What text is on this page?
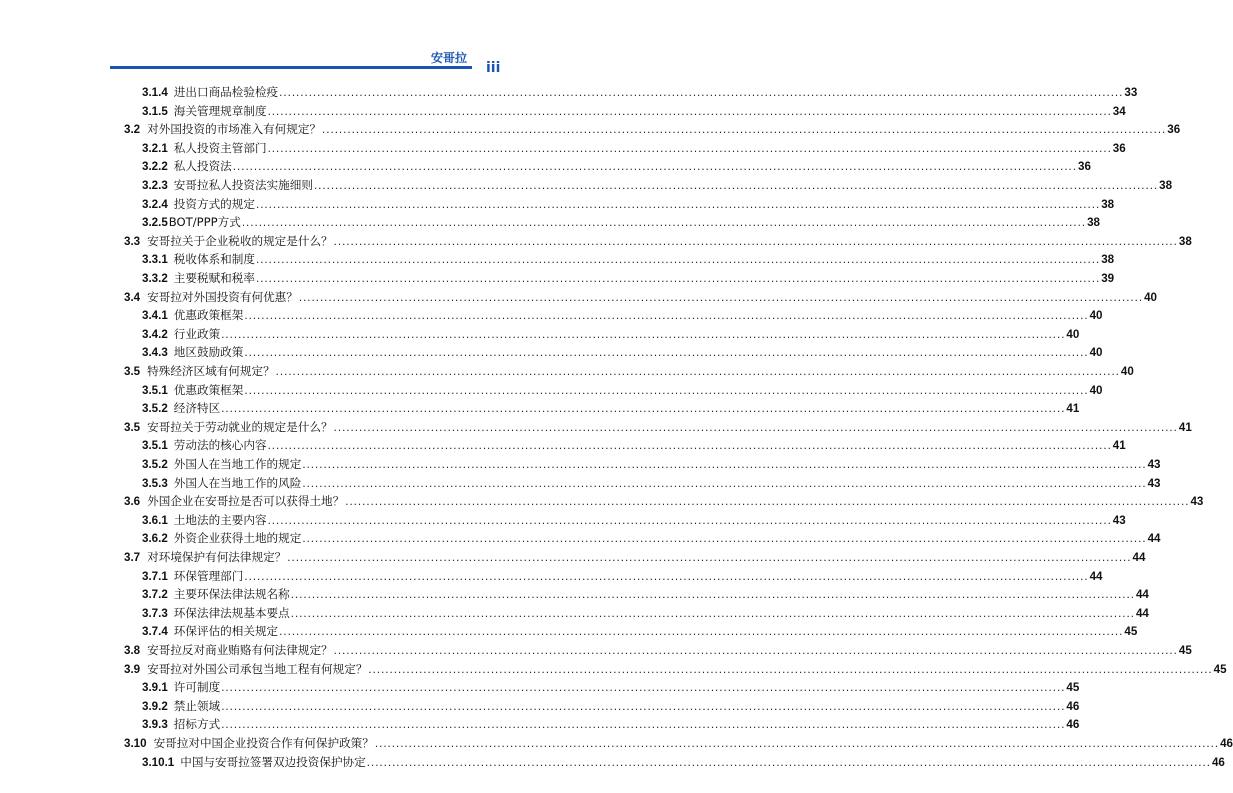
安哥拉
iii
3.1.4 进出口商品检验检疫 ........................................................................................................................................................................................................ 33
3.1.5 海关管理规章制度 ........................................................................................................................................................................................................ 34
3.2 对外国投资的市场准入有何规定？ ........................................................................................................................................................................................................ 36
3.2.1 私人投资主管部门 ........................................................................................................................................................................................................ 36
3.2.2 私人投资法 ........................................................................................................................................................................................................ 36
3.2.3 安哥拉私人投资法实施细则 ........................................................................................................................................................................................................ 38
3.2.4 投资方式的规定 ........................................................................................................................................................................................................ 38
3.2.5 BOT/PPP方式 ........................................................................................................................................................................................................ 38
3.3 安哥拉关于企业税收的规定是什么？ ........................................................................................................................................................................................................ 38
3.3.1 税收体系和制度 ........................................................................................................................................................................................................ 38
3.3.2 主要税赋和税率 ........................................................................................................................................................................................................ 39
3.4 安哥拉对外国投资有何优惠？ ........................................................................................................................................................................................................ 40
3.4.1 优惠政策框架 ........................................................................................................................................................................................................ 40
3.4.2 行业政策 ........................................................................................................................................................................................................ 40
3.4.3 地区鼓励政策 ........................................................................................................................................................................................................ 40
3.5 特殊经济区域有何规定？ ........................................................................................................................................................................................................ 40
3.5.1 优惠政策框架 ........................................................................................................................................................................................................ 40
3.5.2 经济特区 ........................................................................................................................................................................................................ 41
3.5 安哥拉关于劳动就业的规定是什么？ ........................................................................................................................................................................................................ 41
3.5.1 劳动法的核心内容 ........................................................................................................................................................................................................ 41
3.5.2 外国人在当地工作的规定 ........................................................................................................................................................................................................ 43
3.5.3 外国人在当地工作的风险 ........................................................................................................................................................................................................ 43
3.6 外国企业在安哥拉是否可以获得土地？ ........................................................................................................................................................................................................ 43
3.6.1 土地法的主要内容 ........................................................................................................................................................................................................ 43
3.6.2 外资企业获得土地的规定 ........................................................................................................................................................................................................ 44
3.7 对环境保护有何法律规定？ ........................................................................................................................................................................................................ 44
3.7.1 环保管理部门 ........................................................................................................................................................................................................ 44
3.7.2 主要环保法律法规名称 ........................................................................................................................................................................................................ 44
3.7.3 环保法律法规基本要点 ........................................................................................................................................................................................................ 44
3.7.4 环保评估的相关规定 ........................................................................................................................................................................................................ 45
3.8 安哥拉反对商业贿赂有何法律规定？ ........................................................................................................................................................................................................ 45
3.9 安哥拉对外国公司承包当地工程有何规定？ ........................................................................................................................................................................................................ 45
3.9.1 许可制度 ........................................................................................................................................................................................................ 45
3.9.2 禁止领域 ........................................................................................................................................................................................................ 46
3.9.3 招标方式 ........................................................................................................................................................................................................ 46
3.10 安哥拉对中国企业投资合作有何保护政策？ ........................................................................................................................................................................................................ 46
3.10.1 中国与安哥拉签署双边投资保护协定 ........................................................................................................................................................................................................ 46
